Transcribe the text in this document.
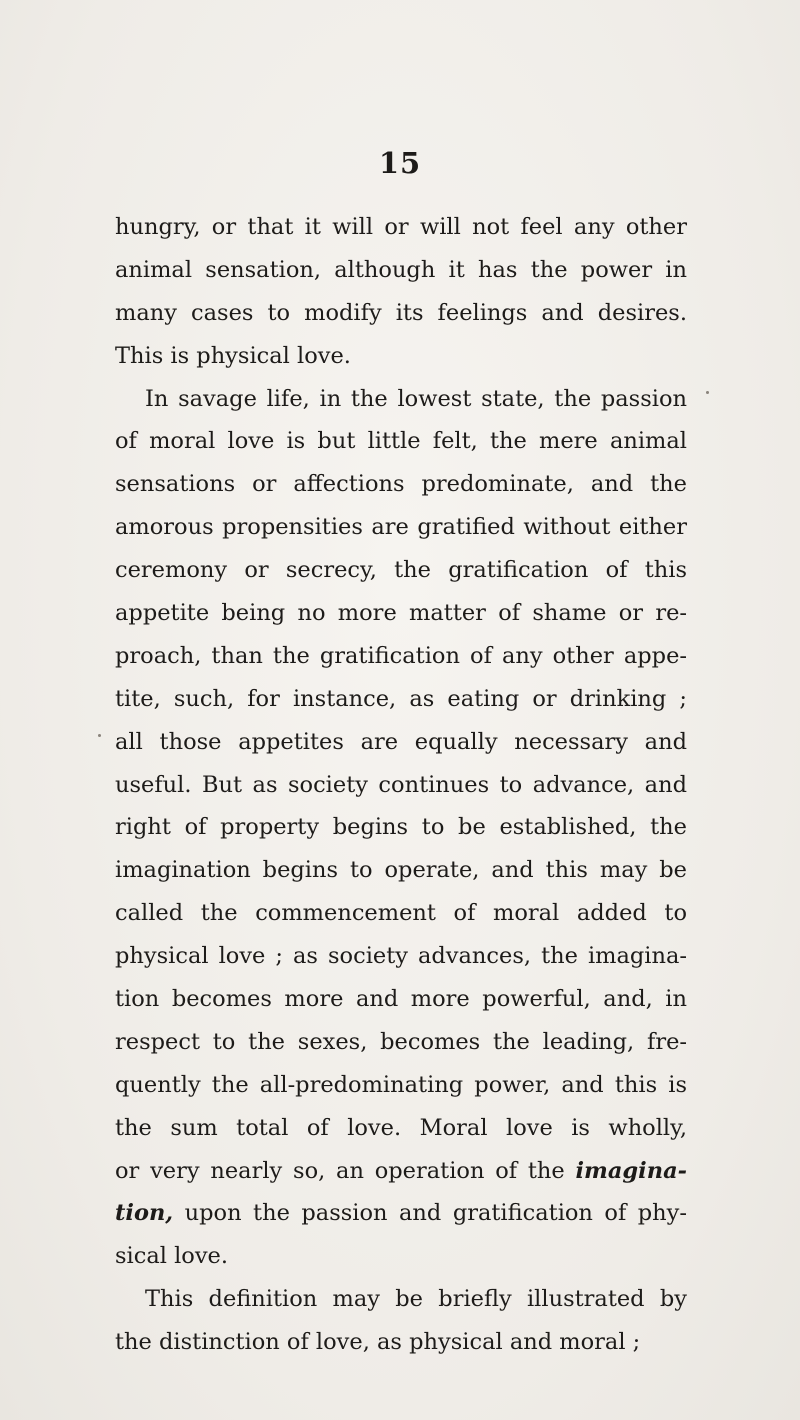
15
hungry, or that it will or will not feel any other
animal sensation, although it has the power in
many cases to modify its feelings and desires.
This is physical love.
In savage life, in the lowest state, the passion
of moral love is but little felt, the mere animal
sensations or affections predominate, and the
amorous propensities are gratified without either
ceremony or secrecy, the gratification of this
appetite being no more matter of shame or re-
proach, than the gratification of any other appe-
tite, such, for instance, as eating or drinking ;
all those appetites are equally necessary and
useful. But as society continues to advance, and
right of property begins to be established, the
imagination begins to operate, and this may be
called the commencement of moral added to
physical love ; as society advances, the imagina-
tion becomes more and more powerful, and, in
respect to the sexes, becomes the leading, fre-
quently the all-predominating power, and this is
the sum total of love. Moral love is wholly,
or very nearly so, an operation of the imagina-
tion, upon the passion and gratification of phy-
sical love.
This definition may be briefly illustrated by
the distinction of love, as physical and moral ;
